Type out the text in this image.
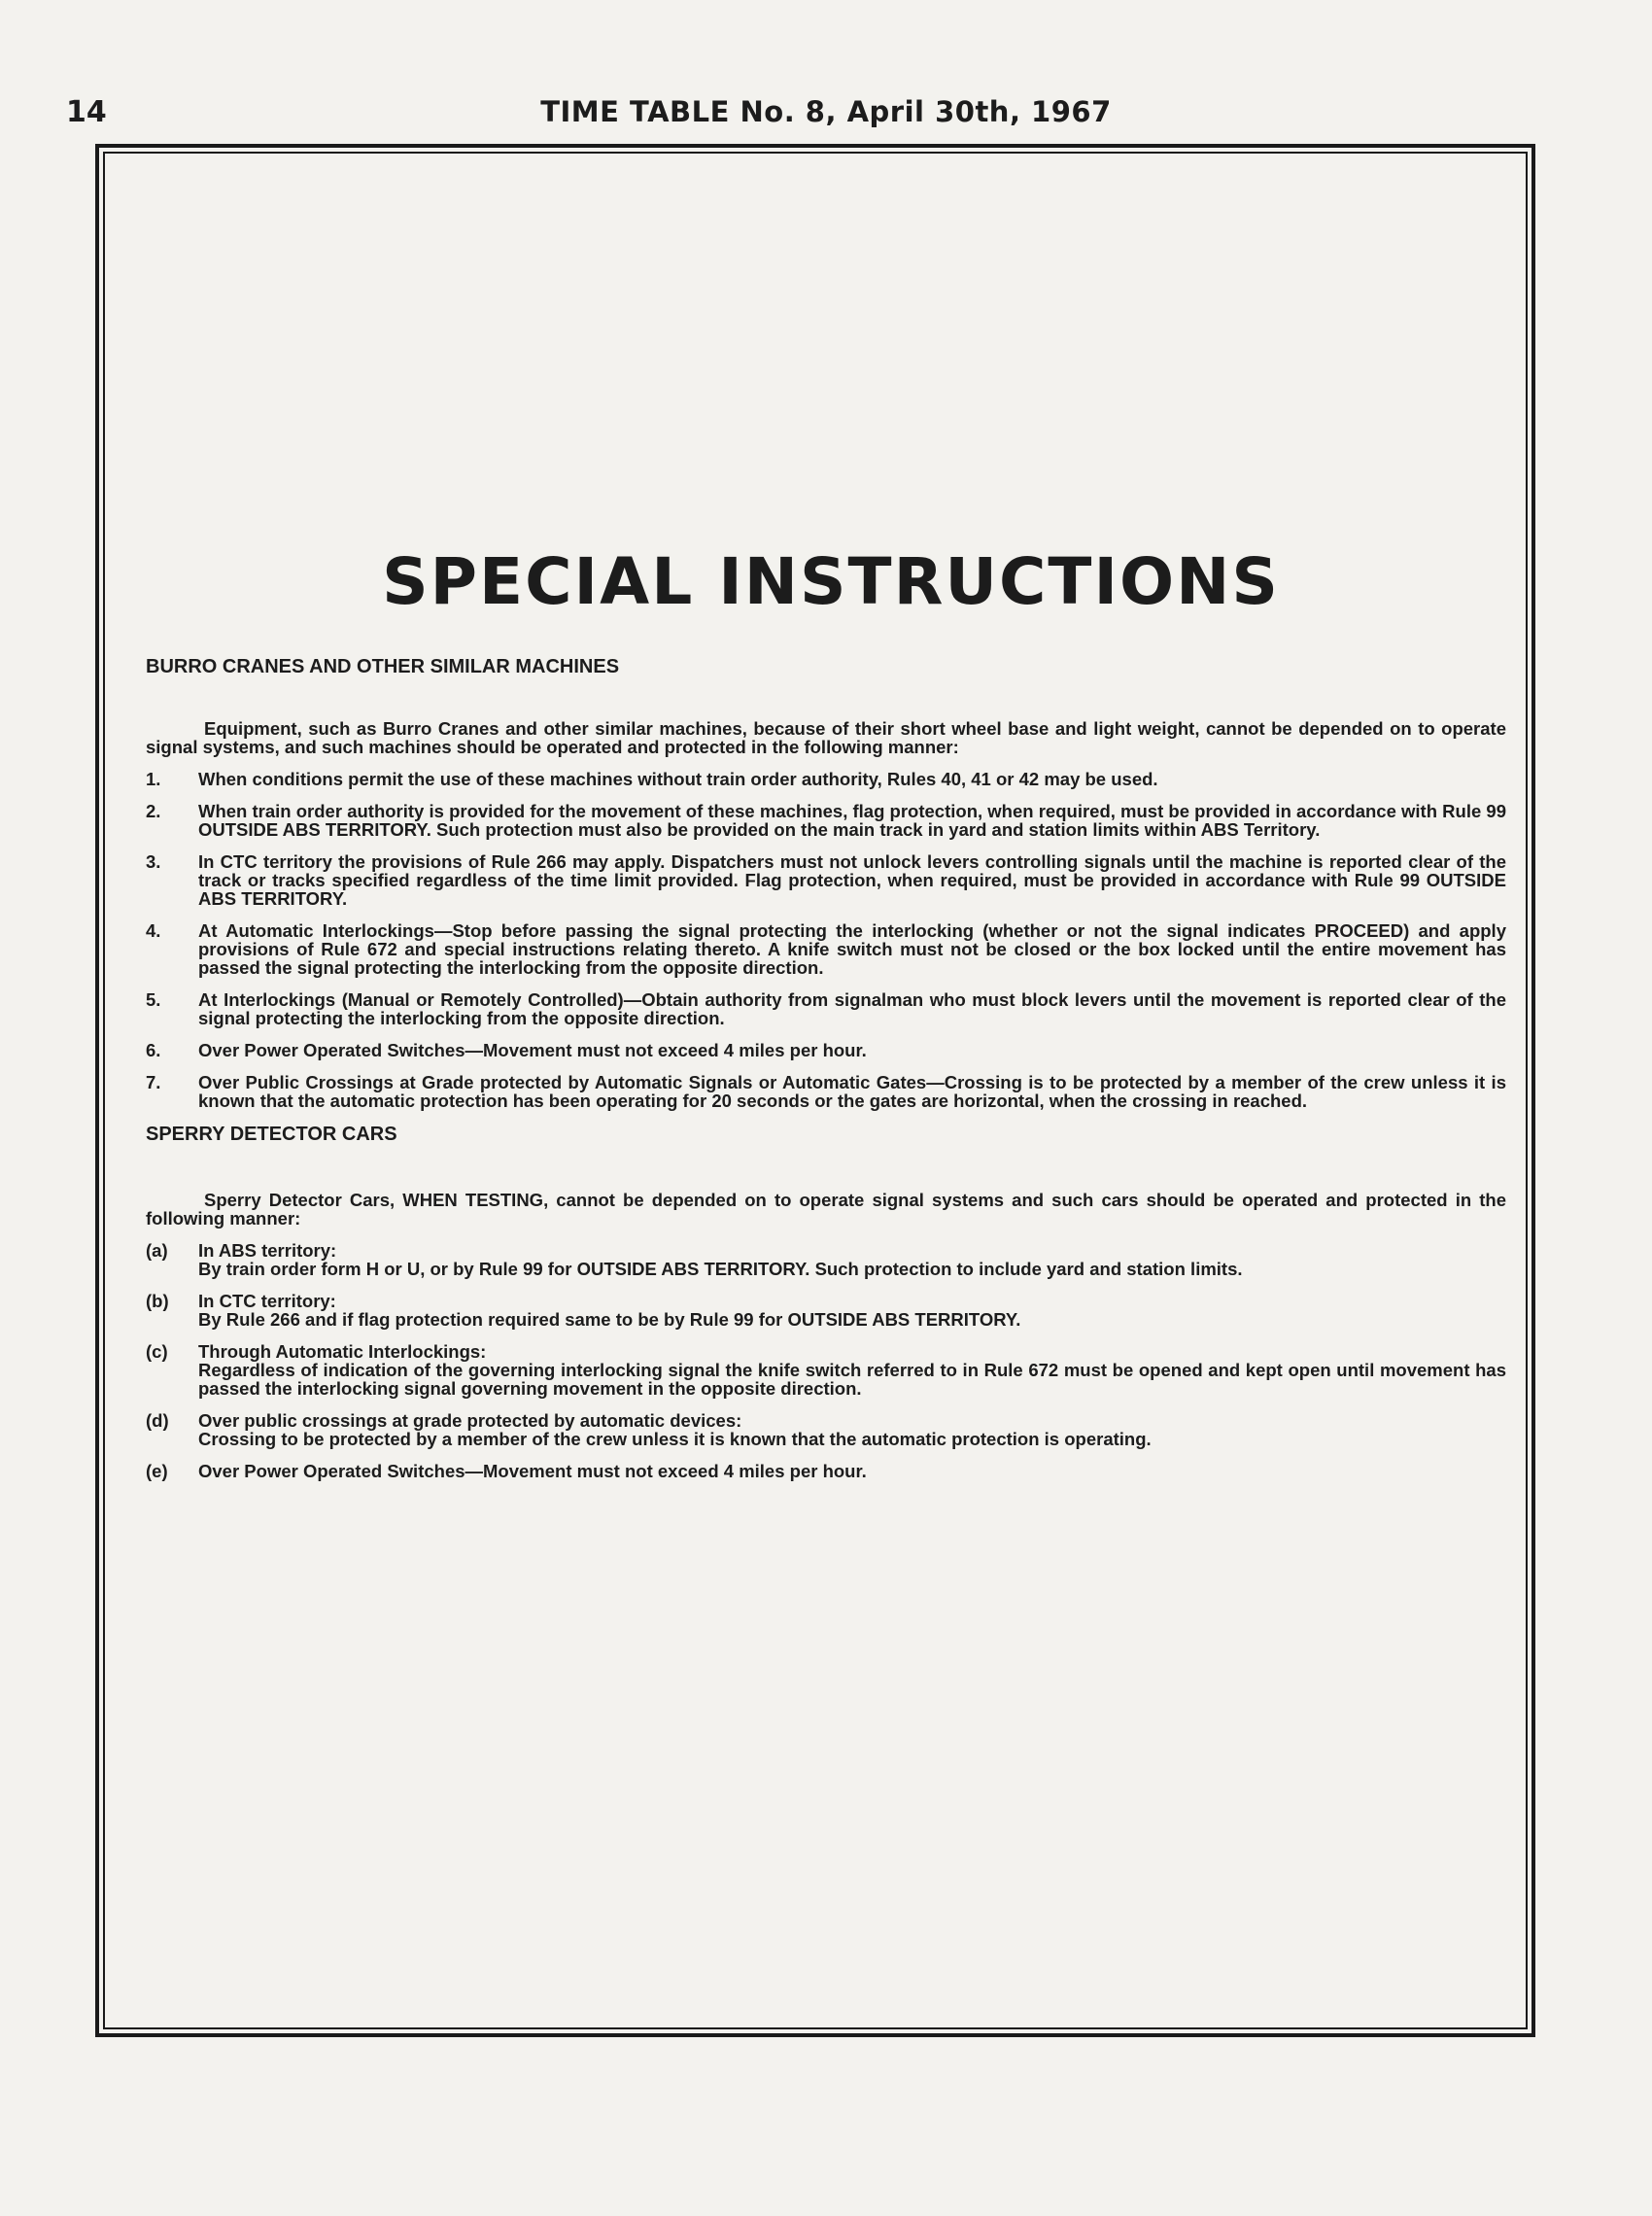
14	TIME TABLE No. 8, April 30th, 1967
SPECIAL INSTRUCTIONS
BURRO CRANES AND OTHER SIMILAR MACHINES

Equipment, such as Burro Cranes and other similar machines, because of their short wheel base and light weight, cannot be depended on to operate signal systems, and such machines should be operated and protected in the following manner:

1.	When conditions permit the use of these machines without train order authority, Rules 40, 41 or 42 may be used.
2.	When train order authority is provided for the movement of these machines, flag protection, when required, must be provided in accordance with Rule 99 OUTSIDE ABS TERRITORY. Such protection must also be provided on the main track in yard and station limits within ABS Territory.
3.	In CTC territory the provisions of Rule 266 may apply. Dispatchers must not unlock levers controlling signals until the machine is reported clear of the track or tracks specified regardless of the time limit provided. Flag protection, when required, must be provided in accordance with Rule 99 OUTSIDE ABS TERRITORY.
4.	At Automatic Interlockings—Stop before passing the signal protecting the interlocking (whether or not the signal indicates PROCEED) and apply provisions of Rule 672 and special instructions relating thereto. A knife switch must not be closed or the box locked until the entire movement has passed the signal protecting the interlocking from the opposite direction.
5.	At Interlockings (Manual or Remotely Controlled)—Obtain authority from signalman who must block levers until the movement is reported clear of the signal protecting the interlocking from the opposite direction.
6.	Over Power Operated Switches—Movement must not exceed 4 miles per hour.
7.	Over Public Crossings at Grade protected by Automatic Signals or Automatic Gates—Crossing is to be protected by a member of the crew unless it is known that the automatic protection has been operating for 20 seconds or the gates are horizontal, when the crossing in reached.
SPERRY DETECTOR CARS

Sperry Detector Cars, WHEN TESTING, cannot be depended on to operate signal systems and such cars should be operated and protected in the following manner:

(a)	In ABS territory:
By train order form H or U, or by Rule 99 for OUTSIDE ABS TERRITORY. Such protection to include yard and station limits.
(b)	In CTC territory:
By Rule 266 and if flag protection required same to be by Rule 99 for OUTSIDE ABS TERRITORY.
(c)	Through Automatic Interlockings:
Regardless of indication of the governing interlocking signal the knife switch referred to in Rule 672 must be opened and kept open until movement has passed the interlocking signal governing movement in the opposite direction.
(d)	Over public crossings at grade protected by automatic devices:
Crossing to be protected by a member of the crew unless it is known that the automatic protection is operating.
(e)	Over Power Operated Switches—Movement must not exceed 4 miles per hour.
